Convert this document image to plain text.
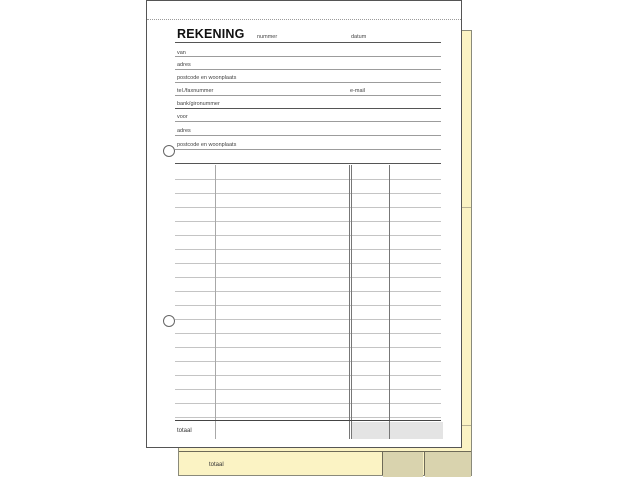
totaal
REKENING nummer	datum
van
adres
postcode en woonplaats
tel./faxnummer	e-mail
bank/gironummer
voor
adres
postcode en woonplaats
totaal
